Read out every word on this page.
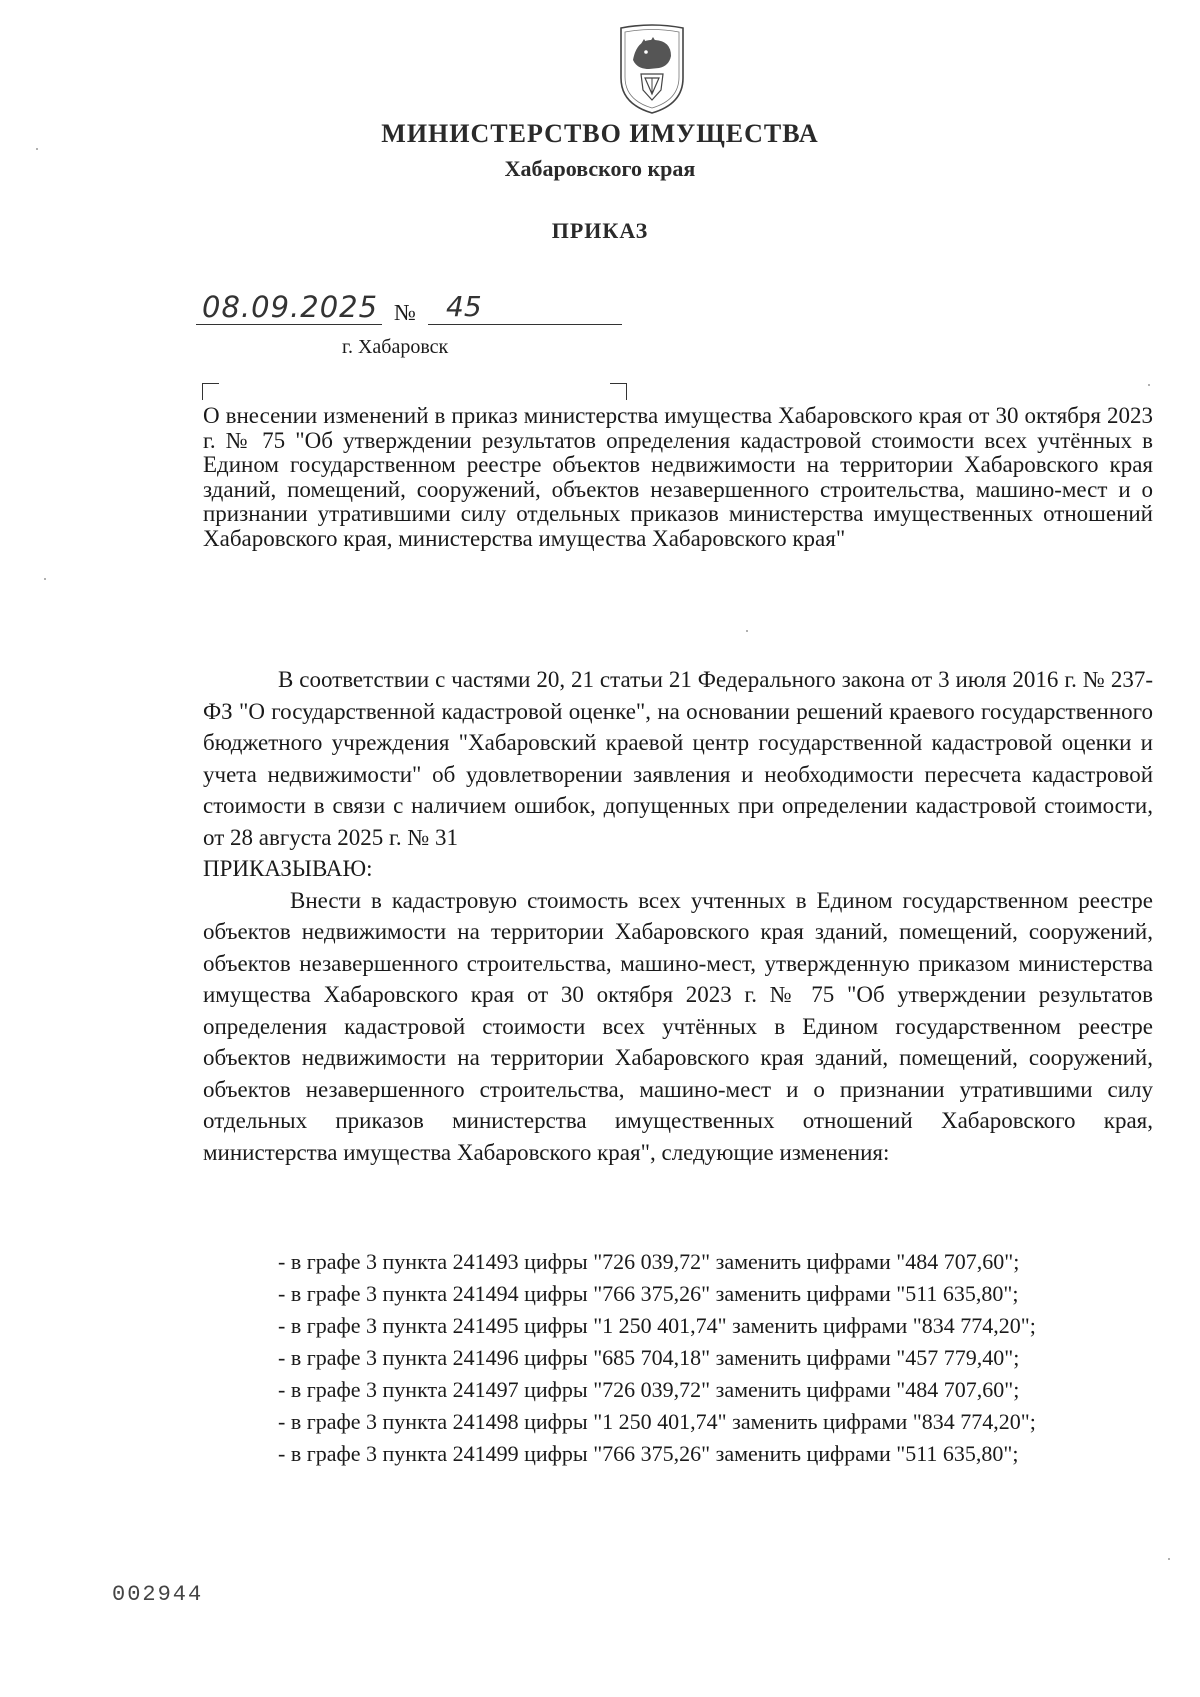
МИНИСТЕРСТВО ИМУЩЕСТВА
Хабаровского края
ПРИКАЗ
08.09.2025 № 45
г. Хабаровск
О внесении изменений в приказ министерства имущества Хабаровского края от 30 октября 2023 г. № 75 "Об утверждении результатов определения кадастровой стоимости всех учтённых в Едином государственном реестре объектов недвижимости на территории Хабаровского края зданий, помещений, сооружений, объектов незавершенного строительства, машино-мест и о признании утратившими силу отдельных приказов министерства имущественных отношений Хабаровского края, министерства имущества Хабаровского края"

В соответствии с частями 20, 21 статьи 21 Федерального закона от 3 июля 2016 г. № 237-ФЗ "О государственной кадастровой оценке", на основании решений краевого государственного бюджетного учреждения "Хабаровский краевой центр государственной кадастровой оценки и учета недвижимости" об удовлетворении заявления и необходимости пересчета кадастровой стоимости в связи с наличием ошибок, допущенных при определении кадастровой стоимости, от 28 августа 2025 г. № 31

ПРИКАЗЫВАЮ:

Внести в кадастровую стоимость всех учтенных в Едином государственном реестре объектов недвижимости на территории Хабаровского края зданий, помещений, сооружений, объектов незавершенного строительства, машино-мест, утвержденную приказом министерства имущества Хабаровского края от 30 октября 2023 г. № 75 "Об утверждении результатов определения кадастровой стоимости всех учтённых в Едином государственном реестре объектов недвижимости на территории Хабаровского края зданий, помещений, сооружений, объектов незавершенного строительства, машино-мест и о признании утратившими силу отдельных приказов министерства имущественных отношений Хабаровского края, министерства имущества Хабаровского края", следующие изменения:

- в графе 3 пункта 241493 цифры "726 039,72" заменить цифрами "484 707,60";

- в графе 3 пункта 241494 цифры "766 375,26" заменить цифрами "511 635,80";

- в графе 3 пункта 241495 цифры "1 250 401,74" заменить цифрами "834 774,20";

- в графе 3 пункта 241496 цифры "685 704,18" заменить цифрами "457 779,40";

- в графе 3 пункта 241497 цифры "726 039,72" заменить цифрами "484 707,60";

- в графе 3 пункта 241498 цифры "1 250 401,74" заменить цифрами "834 774,20";

- в графе 3 пункта 241499 цифры "766 375,26" заменить цифрами "511 635,80";

002944
